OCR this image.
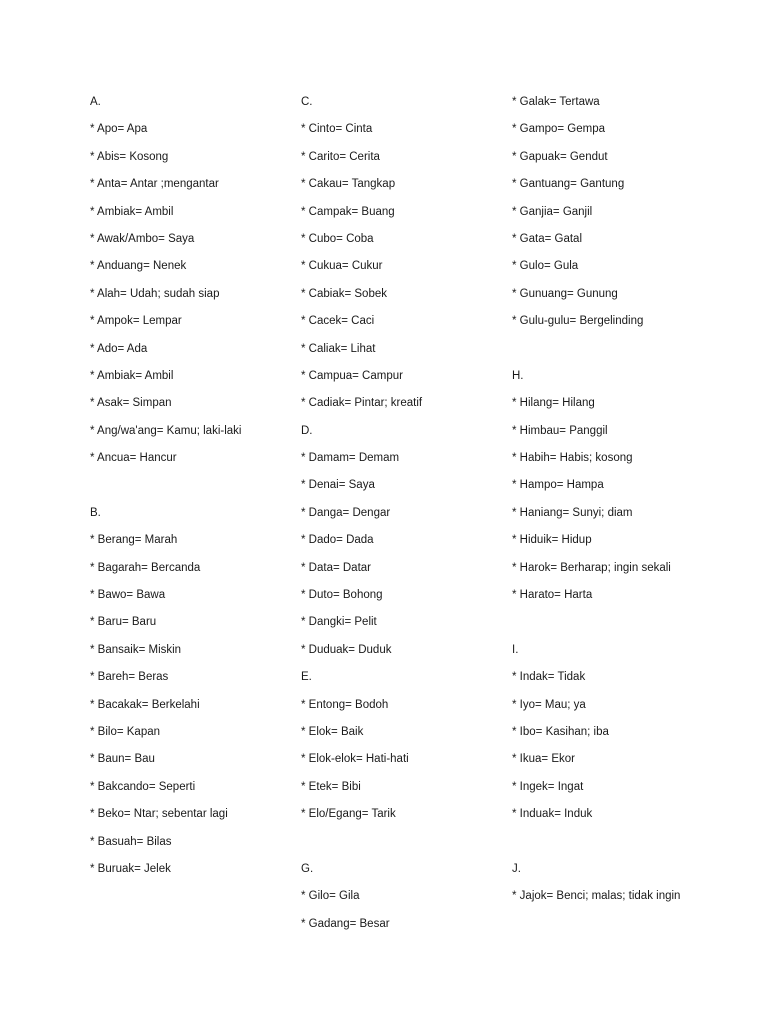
A.
* Apo= Apa
* Abis= Kosong
* Anta= Antar ;mengantar
* Ambiak= Ambil
* Awak/Ambo= Saya
* Anduang= Nenek
* Alah= Udah; sudah siap
* Ampok= Lempar
* Ado= Ada
* Ambiak= Ambil
* Asak= Simpan
* Ang/wa'ang= Kamu; laki-laki
* Ancua= Hancur
B.
* Berang= Marah
* Bagarah= Bercanda
* Bawo= Bawa
* Baru= Baru
* Bansaik= Miskin
* Bareh= Beras
* Bacakak= Berkelahi
* Bilo= Kapan
* Baun= Bau
* Bakcando= Seperti
* Beko= Ntar; sebentar lagi
* Basuah= Bilas
* Buruak= Jelek
C.
* Cinto= Cinta
* Carito= Cerita
* Cakau= Tangkap
* Campak= Buang
* Cubo= Coba
* Cukua= Cukur
* Cabiak= Sobek
* Cacek= Caci
* Caliak= Lihat
* Campua= Campur
* Cadiak= Pintar; kreatif
D.
* Damam= Demam
* Denai= Saya
* Danga= Dengar
* Dado= Dada
* Data= Datar
* Duto= Bohong
* Dangki= Pelit
* Duduak= Duduk
E.
* Entong= Bodoh
* Elok= Baik
* Elok-elok= Hati-hati
* Etek= Bibi
* Elo/Egang= Tarik
G.
* Gilo= Gila
* Gadang= Besar
* Galak= Tertawa
* Gampo= Gempa
* Gapuak= Gendut
* Gantuang= Gantung
* Ganjia= Ganjil
* Gata= Gatal
* Gulo= Gula
* Gunuang= Gunung
* Gulu-gulu= Bergelinding
H.
* Hilang= Hilang
* Himbau= Panggil
* Habih= Habis; kosong
* Hampo= Hampa
* Haniang= Sunyi; diam
* Hiduik= Hidup
* Harok= Berharap; ingin sekali
* Harato= Harta
I.
* Indak= Tidak
* Iyo= Mau; ya
* Ibo= Kasihan; iba
* Ikua= Ekor
* Ingek= Ingat
* Induak= Induk
J.
* Jajok= Benci; malas; tidak ingin
